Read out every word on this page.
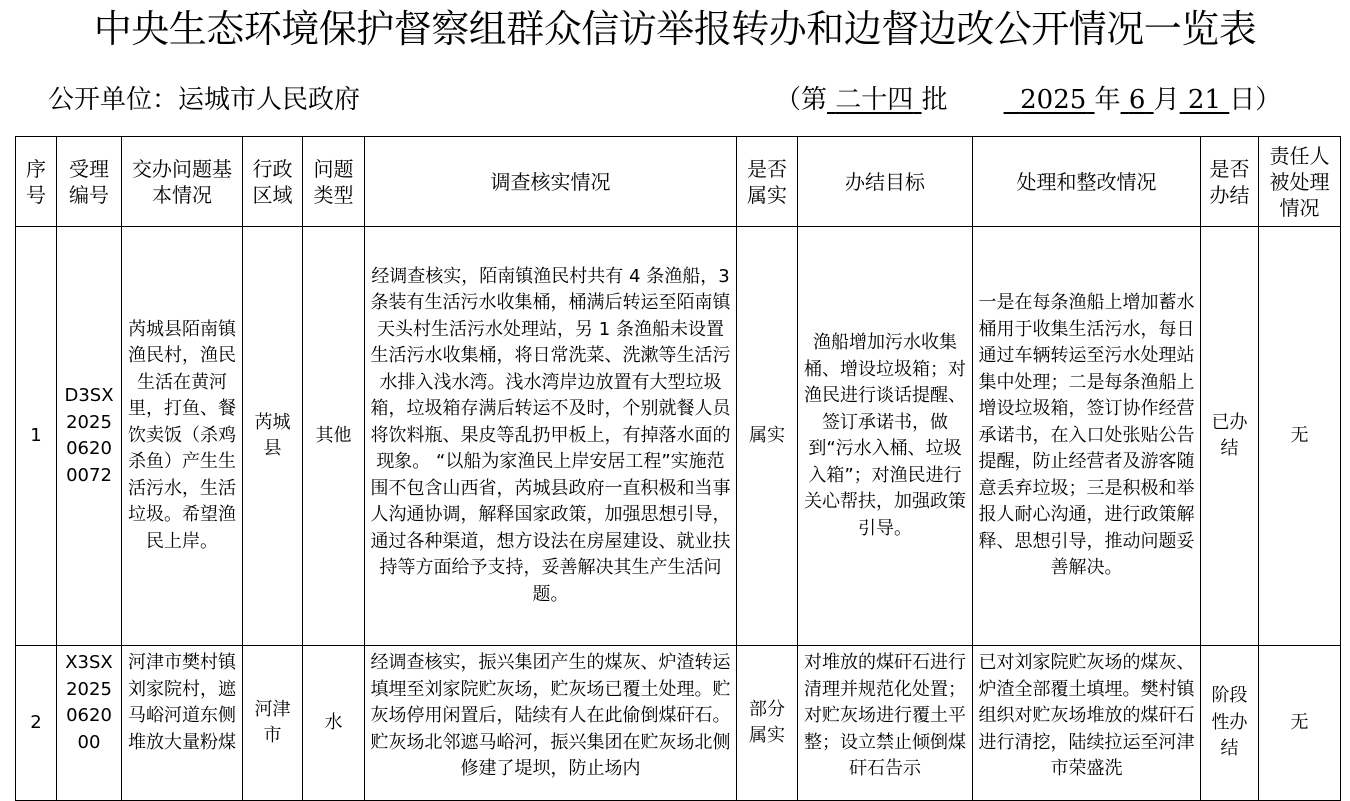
中央生态环境保护督察组群众信访举报转办和边督边改公开情况一览表
公开单位：运城市人民政府	（第 二十四 批	2025 年 6 月 21 日）
序号	受理编号	交办问题基本情况	行政区域	问题类型	调查核实情况	是否属实	办结目标	处理和整改情况	是否办结	责任人被处理情况
1	D3SX20250620 0072	芮城县陌南镇渔民村，渔民生活在黄河里，打鱼、餐饮卖饭（杀鸡杀鱼）产生生活污水，生活垃圾。希望渔民上岸。	芮城县	其他	经调查核实，陌南镇渔民村共有 4 条渔船，3 条装有生活污水收集桶，桶满后转运至陌南镇天头村生活污水处理站，另 1 条渔船未设置生活污水收集桶，将日常洗菜、洗漱等生活污水排入浅水湾。浅水湾岸边放置有大型垃圾箱，垃圾箱存满后转运不及时，个别就餐人员将饮料瓶、果皮等乱扔甲板上，有掉落水面的现象。 “以船为家渔民上岸安居工程”实施范围不包含山西省，芮城县政府一直积极和当事人沟通协调，解释国家政策，加强思想引导，通过各种渠道，想方设法在房屋建设、就业扶持等方面给予支持，妥善解决其生产生活问题。	属实	渔船增加污水收集桶、增设垃圾箱；对渔民进行谈话提醒、签订承诺书，做到“污水入桶、垃圾入箱”；对渔民进行关心帮扶，加强政策引导。	一是在每条渔船上增加蓄水桶用于收集生活污水，每日通过车辆转运至污水处理站集中处理；二是每条渔船上增设垃圾箱，签订协作经营承诺书，在入口处张贴公告提醒，防止经营者及游客随意丢弃垃圾；三是积极和举报人耐心沟通，进行政策解释、思想引导，推动问题妥善解决。	已办结	无
2	X3SX20250620 00	河津市樊村镇刘家院村，遮马峪河道东侧堆放大量粉煤	河津市	水	经调查核实，振兴集团产生的煤灰、炉渣转运填埋至刘家院贮灰场，贮灰场已覆土处理。贮灰场停用闲置后，陆续有人在此偷倒煤矸石。贮灰场北邻遮马峪河，振兴集团在贮灰场北侧修建了堤坝，防止场内	部分属实	对堆放的煤矸石进行清理并规范化处置；对贮灰场进行覆土平整；设立禁止倾倒煤矸石告示	已对刘家院贮灰场的煤灰、炉渣全部覆土填埋。樊村镇组织对贮灰场堆放的煤矸石进行清挖，陆续拉运至河津市荣盛洗	阶段性办结	无
